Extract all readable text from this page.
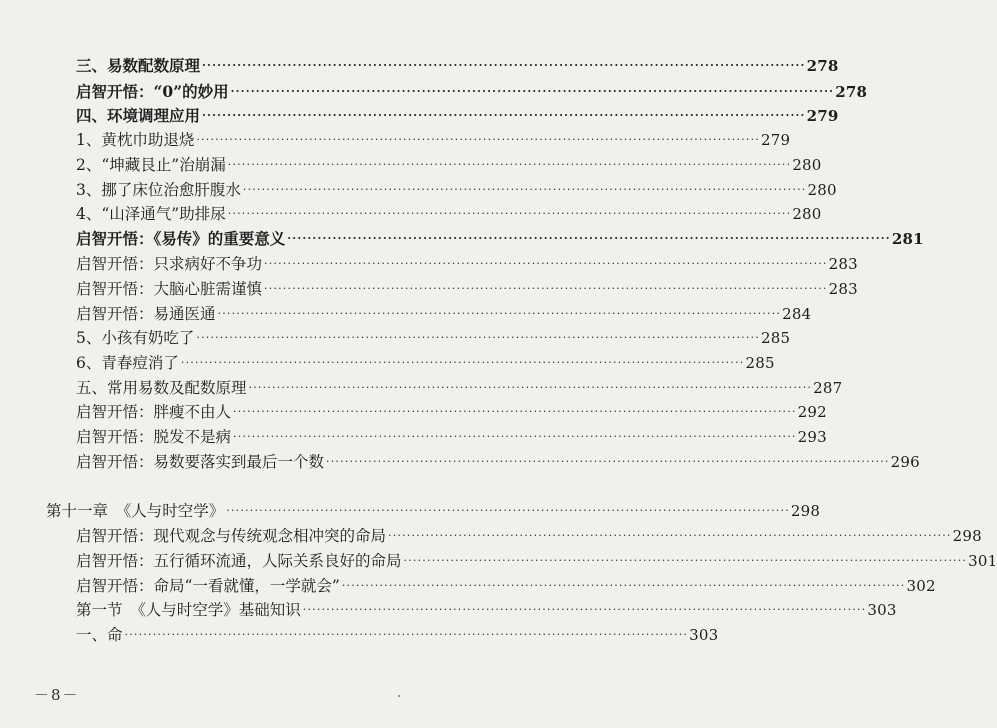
三、易数配数原理 ························································································································ 278
启智开悟：“0”的妙用 ························································································································ 278
四、环境调理应用 ························································································································ 279
1、黄枕巾助退烧 ························································································································ 279
2、“坤藏艮止”治崩漏 ························································································································ 280
3、挪了床位治愈肝腹水 ························································································································ 280
4、“山泽通气”助排尿 ························································································································ 280
启智开悟：《易传》的重要意义 ························································································································ 281
启智开悟：只求病好不争功 ························································································································ 283
启智开悟：大脑心脏需谨慎 ························································································································ 283
启智开悟：易通医通 ························································································································ 284
5、小孩有奶吃了 ························································································································ 285
6、青春痘消了 ························································································································ 285
五、常用易数及配数原理 ························································································································ 287
启智开悟：胖瘦不由人 ························································································································ 292
启智开悟：脱发不是病 ························································································································ 293
启智开悟：易数要落实到最后一个数 ························································································································ 296
第十一章　《人与时空学》 ························································································································ 298
启智开悟：现代观念与传统观念相冲突的命局 ························································································································ 298
启智开悟：五行循环流通，人际关系良好的命局 ························································································································ 301
启智开悟：命局“一看就懂，一学就会” ························································································································ 302
第一节　《人与时空学》基础知识 ························································································································ 303
一、命 ························································································································ 303
－8－
